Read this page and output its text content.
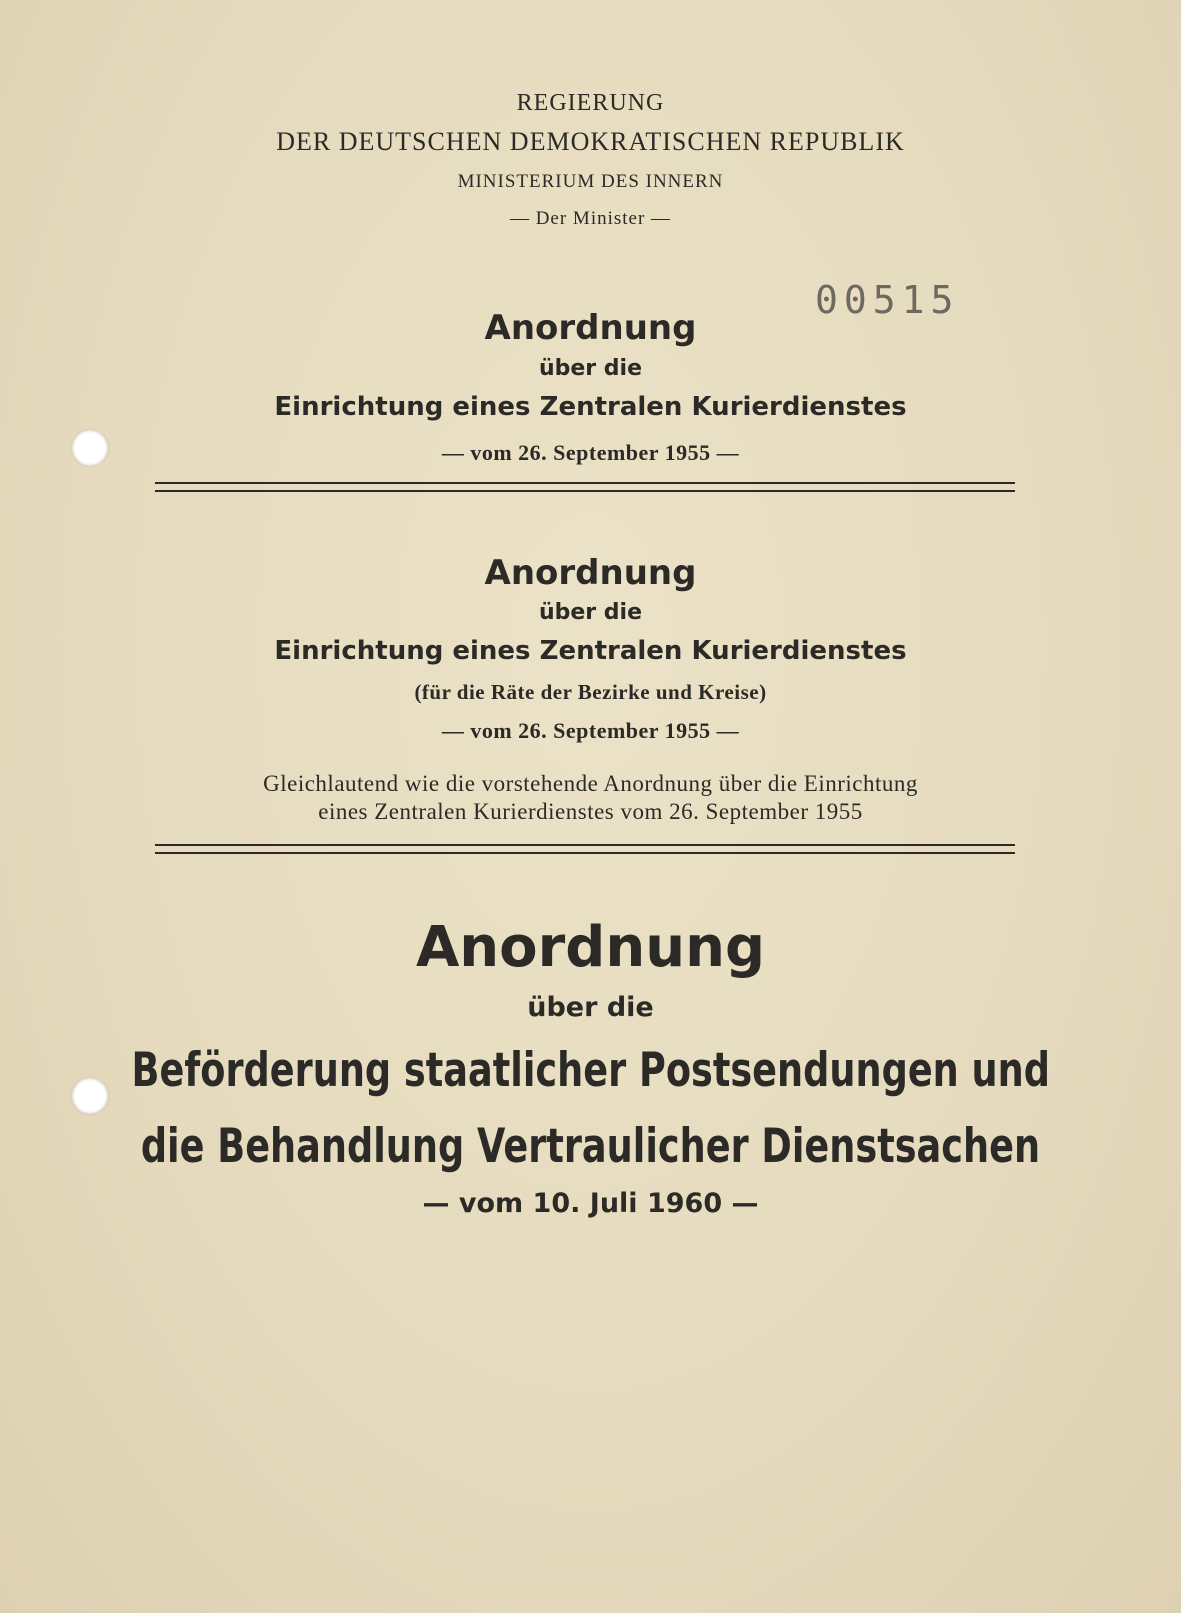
REGIERUNG
DER DEUTSCHEN DEMOKRATISCHEN REPUBLIK
MINISTERIUM DES INNERN
— Der Minister —
00515
Anordnung
über die
Einrichtung eines Zentralen Kurierdienstes
— vom 26. September 1955 —
Anordnung
über die
Einrichtung eines Zentralen Kurierdienstes
(für die Räte der Bezirke und Kreise)
— vom 26. September 1955 —
Gleichlautend wie die vorstehende Anordnung über die Einrichtung
eines Zentralen Kurierdienstes vom 26. September 1955
Anordnung
über die
Beförderung staatlicher Postsendungen und
die Behandlung Vertraulicher Dienstsachen
— vom 10. Juli 1960 —
